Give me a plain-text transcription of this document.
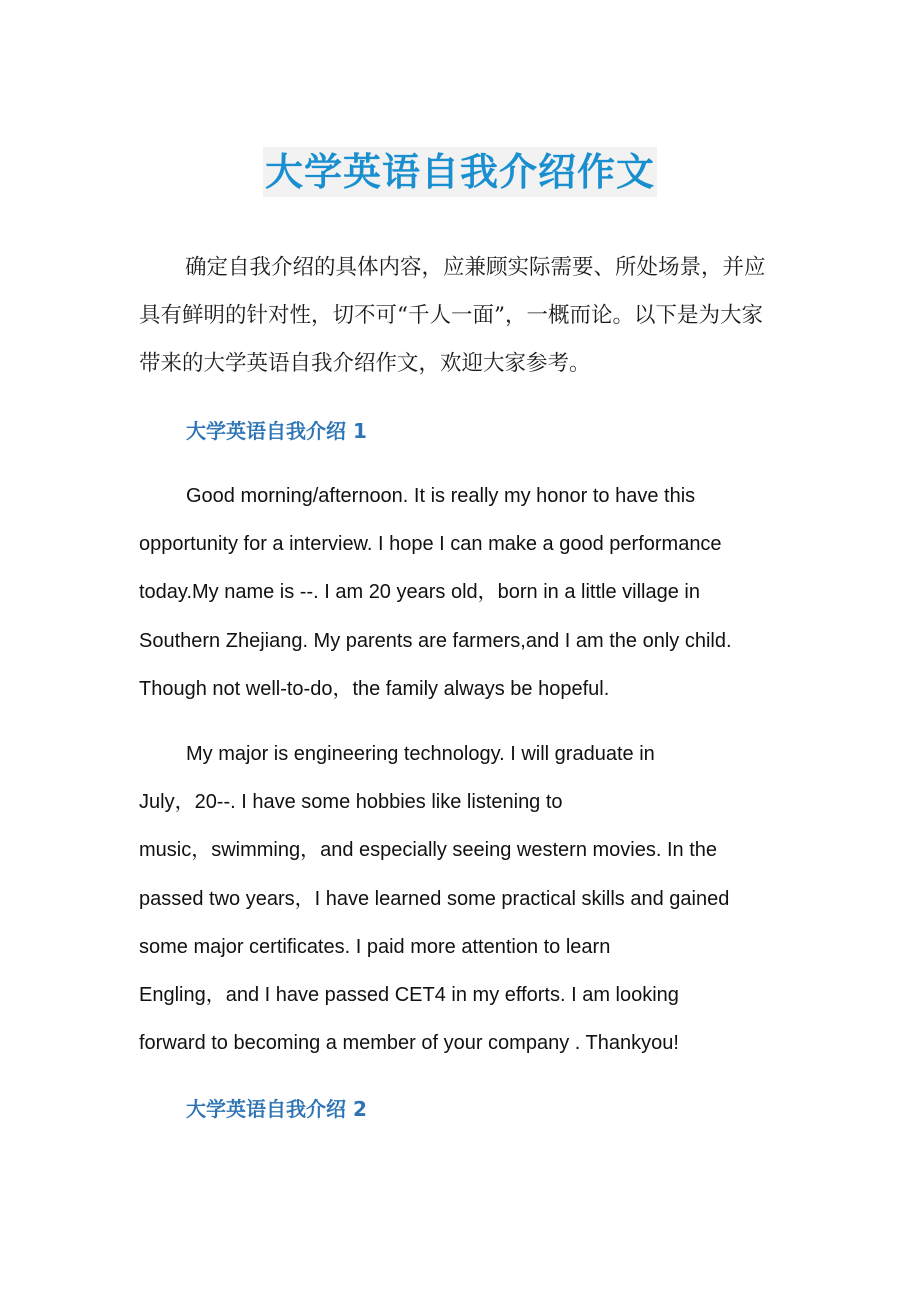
大学英语自我介绍作文

确定自我介绍的具体内容，应兼顾实际需要、所处场景，并应具有鲜明的针对性，切不可“千人一面”，一概而论。以下是为大家带来的大学英语自我介绍作文，欢迎大家参考。

大学英语自我介绍 1
Good morning/afternoon. It is really my honor to have this
opportunity for a interview. I hope I can make a good performance
today.My name is --. I am 20 years old，born in a little village in
Southern Zhejiang. My parents are farmers,and I am the only child.
Though not well-to-do，the family always be hopeful.
My major is engineering technology. I will graduate in
July，20--. I have some hobbies like listening to
music，swimming，and especially seeing western movies. In the
passed two years，I have learned some practical skills and gained
some major certificates. I paid more attention to learn
Engling，and I have passed CET4 in my efforts. I am looking
forward to becoming a member of your company . Thankyou!
大学英语自我介绍 2
